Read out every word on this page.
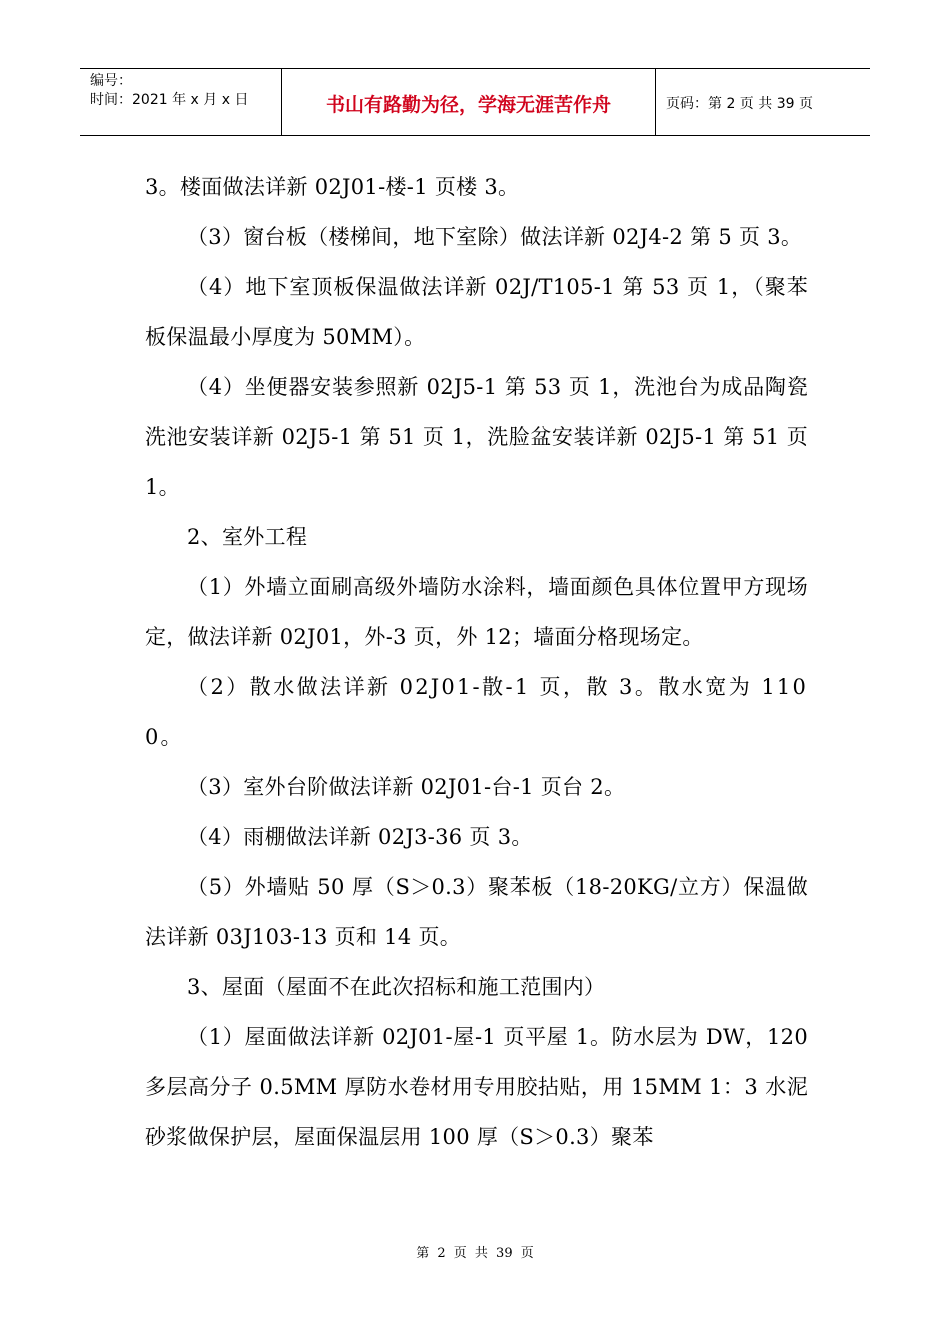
编号：
时间：2021 年 x 月 x 日	书山有路勤为径，学海无涯苦作舟	页码：第 2 页 共 39 页

3。楼面做法详新 02J01-楼-1 页楼 3。

（3）窗台板（楼梯间，地下室除）做法详新 02J4-2 第 5 页 3。

（4）地下室顶板保温做法详新 02J/T105-1 第 53 页 1，（聚苯板保温最小厚度为 50MM）。

（4）坐便器安装参照新 02J5-1 第 53 页 1，洗池台为成品陶瓷洗池安装详新 02J5-1 第 51 页 1，洗脸盆安装详新 02J5-1 第 51 页 1。

2、室外工程

（1）外墙立面刷高级外墙防水涂料，墙面颜色具体位置甲方现场定，做法详新 02J01，外-3 页，外 12；墙面分格现场定。

（2）散水做法详新 02J01-散-1 页，散 3。散水宽为 1100。

（3）室外台阶做法详新 02J01-台-1 页台 2。

（4）雨棚做法详新 02J3-36 页 3。

（5）外墙贴 50 厚（S＞0.3）聚苯板（18-20KG/立方）保温做法详新 03J103-13 页和 14 页。

3、屋面（屋面不在此次招标和施工范围内）

（1）屋面做法详新 02J01-屋-1 页平屋 1。防水层为 DW，120 多层高分子 0.5MM 厚防水卷材用专用胶拈贴，用 15MM 1：3 水泥砂浆做保护层，屋面保温层用 100 厚（S＞0.3）聚苯

第 2 页 共 39 页
